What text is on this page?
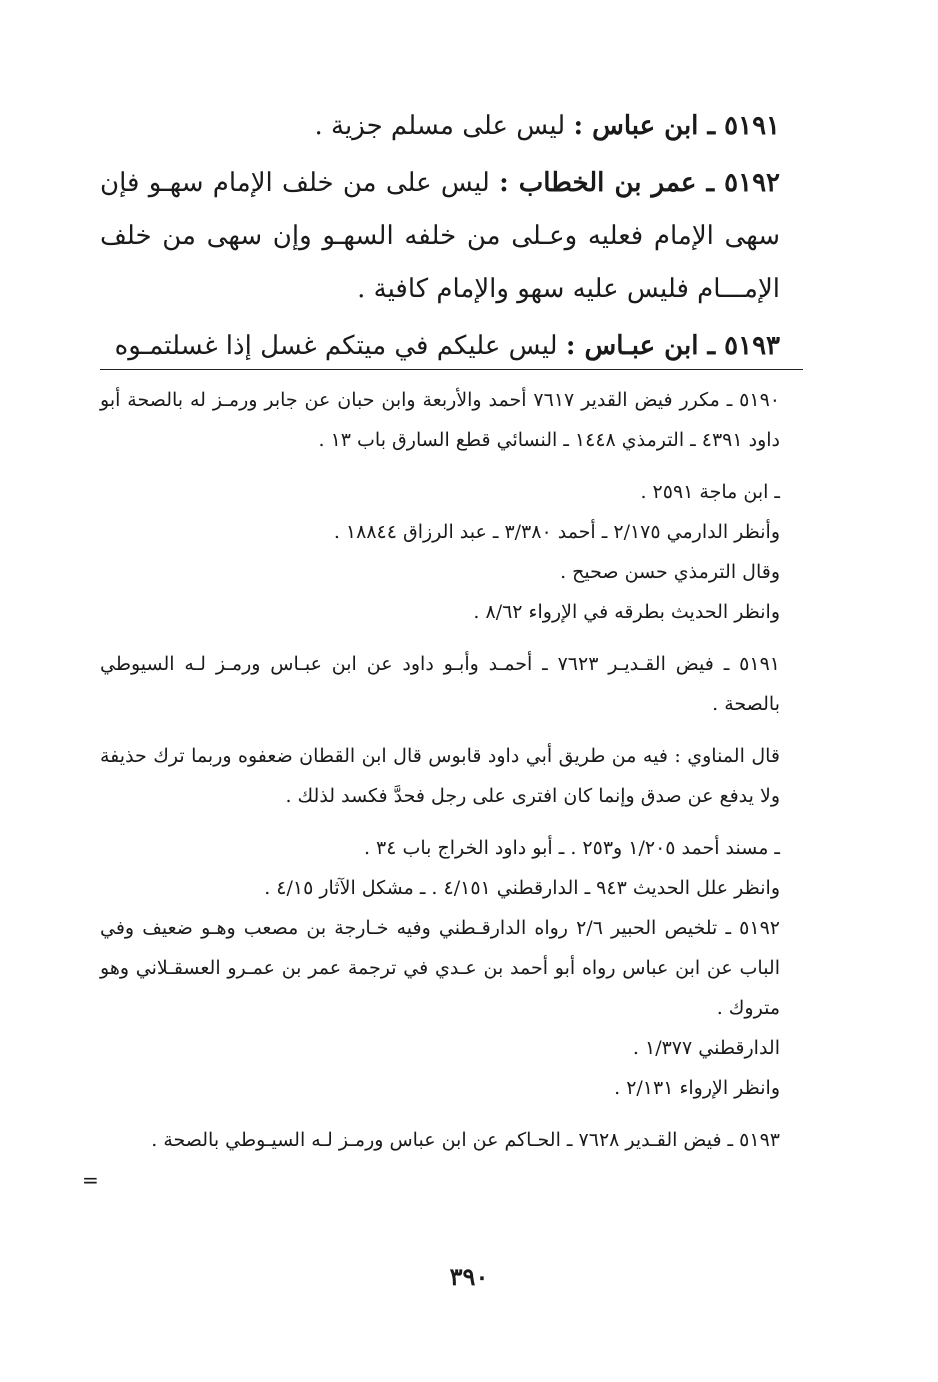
٥١٩١ ـ ابن عباس : ليس على مسلم جزية .

٥١٩٢ ـ عمر بن الخطاب : ليس على من خلف الإمام سهـو فإن سهى الإمام فعليه وعـلى من خلفه السهـو وإن سهى من خلف الإمـــام فليس عليه سهو والإمام كافية .

٥١٩٣ ـ ابن عبـاس : ليس عليكم في ميتكم غسل إذا غسلتمـوه

٥١٩٠ ـ مكرر فيض القدير ٧٦١٧ أحمد والأربعة وابن حبان عن جابر ورمـز له بالصحة أبو داود ٤٣٩١ ـ الترمذي ١٤٤٨ ـ النسائي قطع السارق باب ١٣ .

ـ ابن ماجة ٢٥٩١ .

وأنظر الدارمي ٢/١٧٥ ـ أحمد ٣/٣٨٠ ـ عبد الرزاق ١٨٨٤٤ .

وقال الترمذي حسن صحيح .

وانظر الحديث بطرقه في الإرواء ٨/٦٢ .

٥١٩١ ـ فيض القـديـر ٧٦٢٣ ـ أحمـد وأبـو داود عن ابن عبـاس ورمـز لـه السيوطي بالصحة .

قال المناوي : فيه من طريق أبي داود قابوس قال ابن القطان ضعفوه وربما ترك حذيفة ولا يدفع عن صدق وإنما كان افترى على رجل فحدَّ فكسد لذلك .

ـ مسند أحمد ١/٢٠٥ و٢٥٣ . ـ أبو داود الخراج باب ٣٤ .

وانظر علل الحديث ٩٤٣ ـ الدارقطني ٤/١٥١ . ـ مشكل الآثار ٤/١٥ .

٥١٩٢ ـ تلخيص الحبير ٢/٦ رواه الدارقـطني وفيه خـارجة بن مصعب وهـو ضعيف وفي الباب عن ابن عباس رواه أبو أحمد بن عـدي في ترجمة عمر بن عمـرو العسقـلاني وهو متروك .

الدارقطني ١/٣٧٧ .

وانظر الإرواء ٢/١٣١ .

٥١٩٣ ـ فيض القـدير ٧٦٢٨ ـ الحـاكم عن ابن عباس ورمـز لـه السيـوطي بالصحة .

=
٣٩٠
